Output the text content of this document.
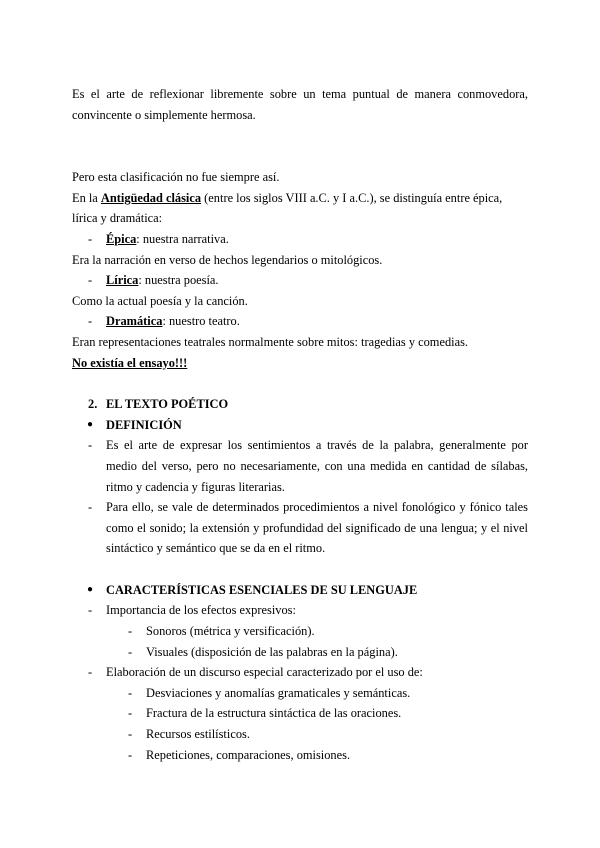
Es el arte de reflexionar libremente sobre un tema puntual de manera conmovedora, convincente o simplemente hermosa.

Pero esta clasificación no fue siempre así.

En la Antigüedad clásica (entre los siglos VIII a.C. y I a.C.), se distinguía entre épica, lírica y dramática:

- Épica: nuestra narrativa.

Era la narración en verso de hechos legendarios o mitológicos.

- Lírica: nuestra poesía.

Como la actual poesía y la canción.

- Dramática: nuestro teatro.

Eran representaciones teatrales normalmente sobre mitos: tragedias y comedias.

No existía el ensayo!!!

2. EL TEXTO POÉTICO

● DEFINICIÓN

- Es el arte de expresar los sentimientos a través de la palabra, generalmente por medio del verso, pero no necesariamente, con una medida en cantidad de sílabas, ritmo y cadencia y figuras literarias.

- Para ello, se vale de determinados procedimientos a nivel fonológico y fónico tales como el sonido; la extensión y profundidad del significado de una lengua; y el nivel sintáctico y semántico que se da en el ritmo.

● CARACTERÍSTICAS ESENCIALES DE SU LENGUAJE

- Importancia de los efectos expresivos:

- Sonoros (métrica y versificación).

- Visuales (disposición de las palabras en la página).

- Elaboración de un discurso especial caracterizado por el uso de:

- Desviaciones y anomalías gramaticales y semánticas.

- Fractura de la estructura sintáctica de las oraciones.

- Recursos estilísticos.

- Repeticiones, comparaciones, omisiones.
